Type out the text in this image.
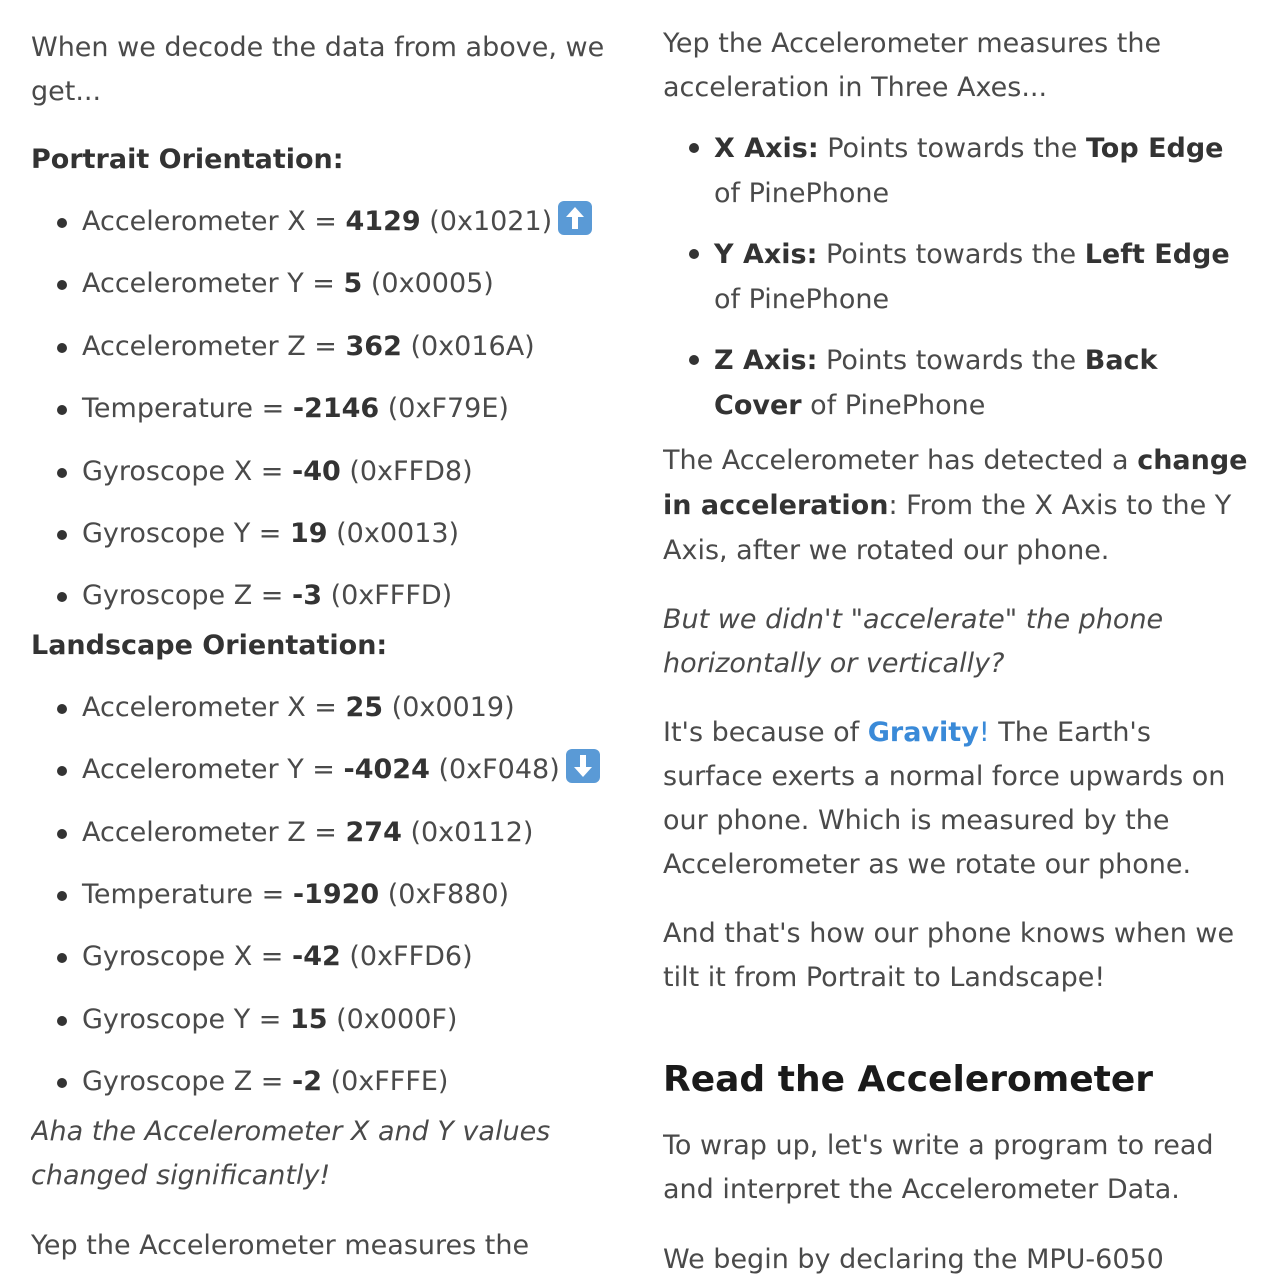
When we decode the data from above, we get...

Portrait Orientation:

Accelerometer X = 4129 (0x1021)
Accelerometer Y = 5 (0x0005)
Accelerometer Z = 362 (0x016A)
Temperature = -2146 (0xF79E)
Gyroscope X = -40 (0xFFD8)
Gyroscope Y = 19 (0x0013)
Gyroscope Z = -3 (0xFFFD)

Landscape Orientation:

Accelerometer X = 25 (0x0019)
Accelerometer Y = -4024 (0xF048)
Accelerometer Z = 274 (0x0112)
Temperature = -1920 (0xF880)
Gyroscope X = -42 (0xFFD6)
Gyroscope Y = 15 (0x000F)
Gyroscope Z = -2 (0xFFFE)

Aha the Accelerometer X and Y values changed significantly!

Yep the Accelerometer measures the

Yep the Accelerometer measures the acceleration in Three Axes...

X Axis: Points towards the Top Edge of PinePhone
Y Axis: Points towards the Left Edge of PinePhone
Z Axis: Points towards the Back Cover of PinePhone

The Accelerometer has detected a change in acceleration: From the X Axis to the Y Axis, after we rotated our phone.

But we didn't "accelerate" the phone horizontally or vertically?

It's because of Gravity! The Earth's surface exerts a normal force upwards on our phone. Which is measured by the Accelerometer as we rotate our phone.

And that's how our phone knows when we tilt it from Portrait to Landscape!

Read the Accelerometer

To wrap up, let's write a program to read and interpret the Accelerometer Data.

We begin by declaring the MPU-6050
